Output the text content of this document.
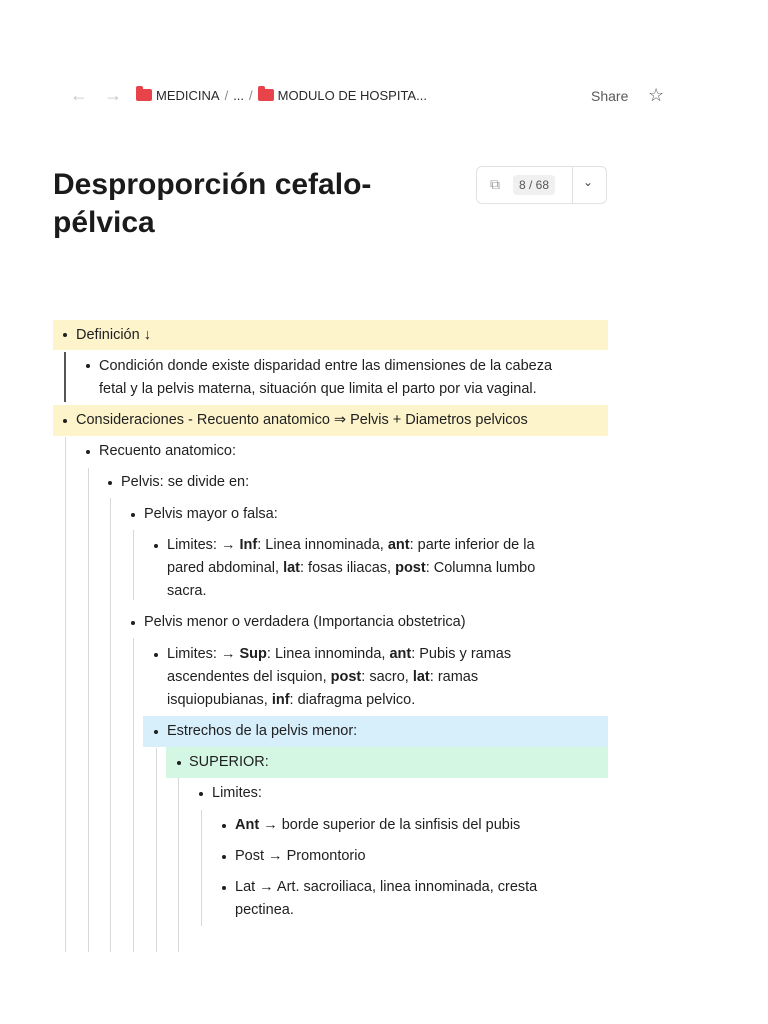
← →	MEDICINA / ... / MODULO DE HOSPITA...	Share ☆
Desproporción cefalo-
pélvica
⧉	8 / 68	⌄
Definición ↓
Condición donde existe disparidad entre las dimensiones de la cabeza
fetal y la pelvis materna, situación que limita el parto por via vaginal.
Consideraciones - Recuento anatomico ⇒ Pelvis + Diametros pelvicos
Recuento anatomico:
Pelvis: se divide en:
Pelvis mayor o falsa:
Limites: → Inf: Linea innominada, ant: parte inferior de la
pared abdominal, lat: fosas iliacas, post: Columna lumbo
sacra.
Pelvis menor o verdadera (Importancia obstetrica)
Limites: → Sup: Linea innominda, ant: Pubis y ramas
ascendentes del isquion, post: sacro, lat: ramas
isquiopubianas, inf: diafragma pelvico.
Estrechos de la pelvis menor:
SUPERIOR:
Limites:
Ant → borde superior de la sinfisis del pubis
Post → Promontorio
Lat → Art. sacroiliaca, linea innominada, cresta
pectinea.
